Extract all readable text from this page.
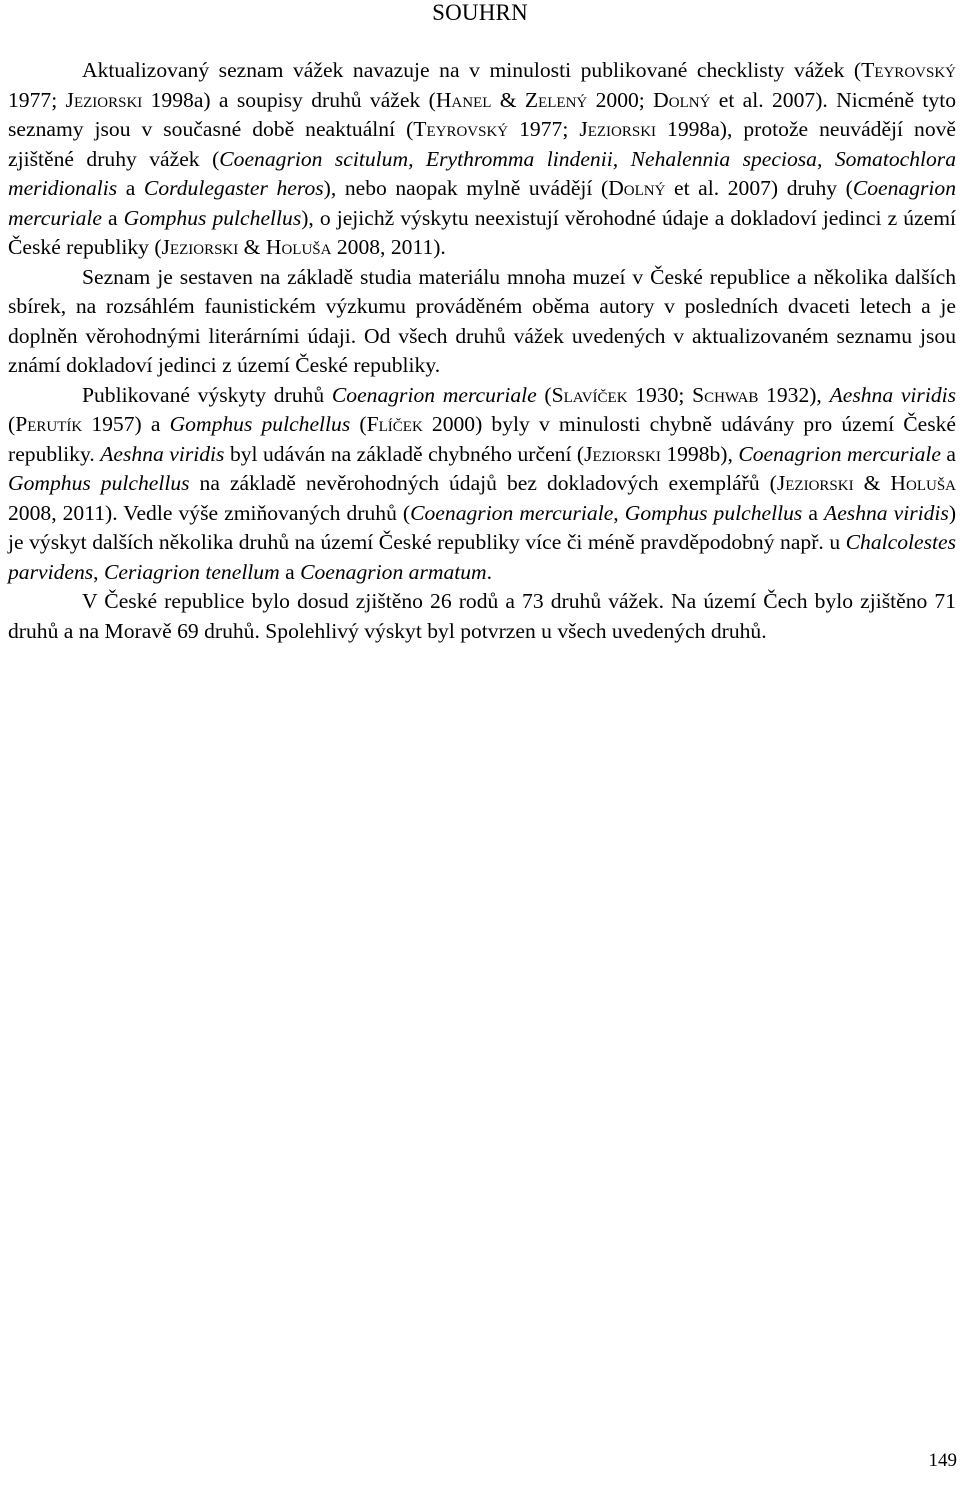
SOUHRN

Aktualizovaný seznam vážek navazuje na v minulosti publikované checklisty vážek (Teyrovský 1977; Jeziorski 1998a) a soupisy druhů vážek (Hanel & Zelený 2000; Dolný et al. 2007). Nicméně tyto seznamy jsou v současné době neaktuální (Teyrovský 1977; Jeziorski 1998a), protože neuvádějí nově zjištěné druhy vážek (Coenagrion scitulum, Erythromma lindenii, Nehalennia speciosa, Somatochlora meridionalis a Cordulegaster heros), nebo naopak mylně uvádějí (Dolný et al. 2007) druhy (Coenagrion mercuriale a Gomphus pulchellus), o jejichž výskytu neexistují věrohodné údaje a dokladoví jedinci z území České republiky (Jeziorski & Holuša 2008, 2011).

Seznam je sestaven na základě studia materiálu mnoha muzeí v České republice a několika dalších sbírek, na rozsáhlém faunistickém výzkumu prováděném oběma autory v posledních dvaceti letech a je doplněn věrohodnými literárními údaji. Od všech druhů vážek uvedených v aktualizovaném seznamu jsou známí dokladoví jedinci z území České republiky.

Publikované výskyty druhů Coenagrion mercuriale (Slavíček 1930; Schwab 1932), Aeshna viridis (Perutík 1957) a Gomphus pulchellus (Flíček 2000) byly v minulosti chybně udávány pro území České republiky. Aeshna viridis byl udáván na základě chybného určení (Jeziorski 1998b), Coenagrion mercuriale a Gomphus pulchellus na základě nevěrohodných údajů bez dokladových exemplářů (Jeziorski & Holuša 2008, 2011). Vedle výše zmiňovaných druhů (Coenagrion mercuriale, Gomphus pulchellus a Aeshna viridis) je výskyt dalších několika druhů na území České republiky více či méně pravděpodobný např. u Chalcolestes parvidens, Ceriagrion tenellum a Coenagrion armatum.

V České republice bylo dosud zjištěno 26 rodů a 73 druhů vážek. Na území Čech bylo zjištěno 71 druhů a na Moravě 69 druhů. Spolehlivý výskyt byl potvrzen u všech uvedených druhů.

149
